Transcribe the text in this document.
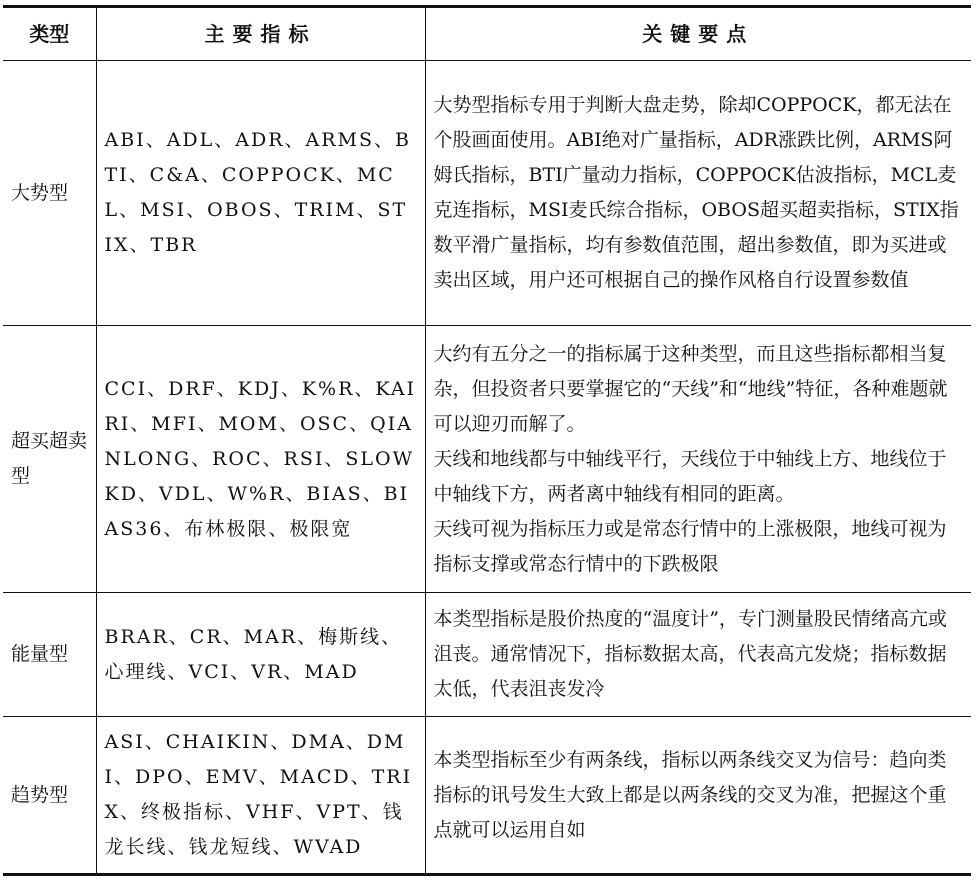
类型	主要指标	关键要点
大势型	ABI、ADL、ADR、ARMS、BTI、C&A、COPPOCK、MCL、MSI、OBOS、TRIM、STIX、TBR	大势型指标专用于判断大盘走势，除却COPPOCK，都无法在个股画面使用。ABI绝对广量指标，ADR涨跌比例，ARMS阿姆氏指标，BTI广量动力指标，COPPOCK估波指标，MCL麦克连指标，MSI麦氏综合指标，OBOS超买超卖指标，STIX指数平滑广量指标，均有参数值范围，超出参数值，即为买进或卖出区域，用户还可根据自己的操作风格自行设置参数值

超买超卖型	CCI、DRF、KDJ、K%R、KAIRI、MFI、MOM、OSC、QIANLONG、ROC、RSI、SLOWKD、VDL、W%R、BIAS、BIAS36、布林极限、极限宽	大约有五分之一的指标属于这种类型，而且这些指标都相当复杂，但投资者只要掌握它的“天线”和“地线”特征，各种难题就可以迎刃而解了。
天线和地线都与中轴线平行，天线位于中轴线上方、地线位于中轴线下方，两者离中轴线有相同的距离。
天线可视为指标压力或是常态行情中的上涨极限，地线可视为指标支撑或常态行情中的下跌极限

能量型	BRAR、CR、MAR、梅斯线、心理线、VCI、VR、MAD	本类型指标是股价热度的“温度计”，专门测量股民情绪高亢或沮丧。通常情况下，指标数据太高，代表高亢发烧；指标数据太低，代表沮丧发冷

趋势型	ASI、CHAIKIN、DMA、DMI、DPO、EMV、MACD、TRIX、终极指标、VHF、VPT、钱龙长线、钱龙短线、WVAD	本类型指标至少有两条线，指标以两条线交叉为信号：趋向类指标的讯号发生大致上都是以两条线的交叉为准，把握这个重点就可以运用自如
